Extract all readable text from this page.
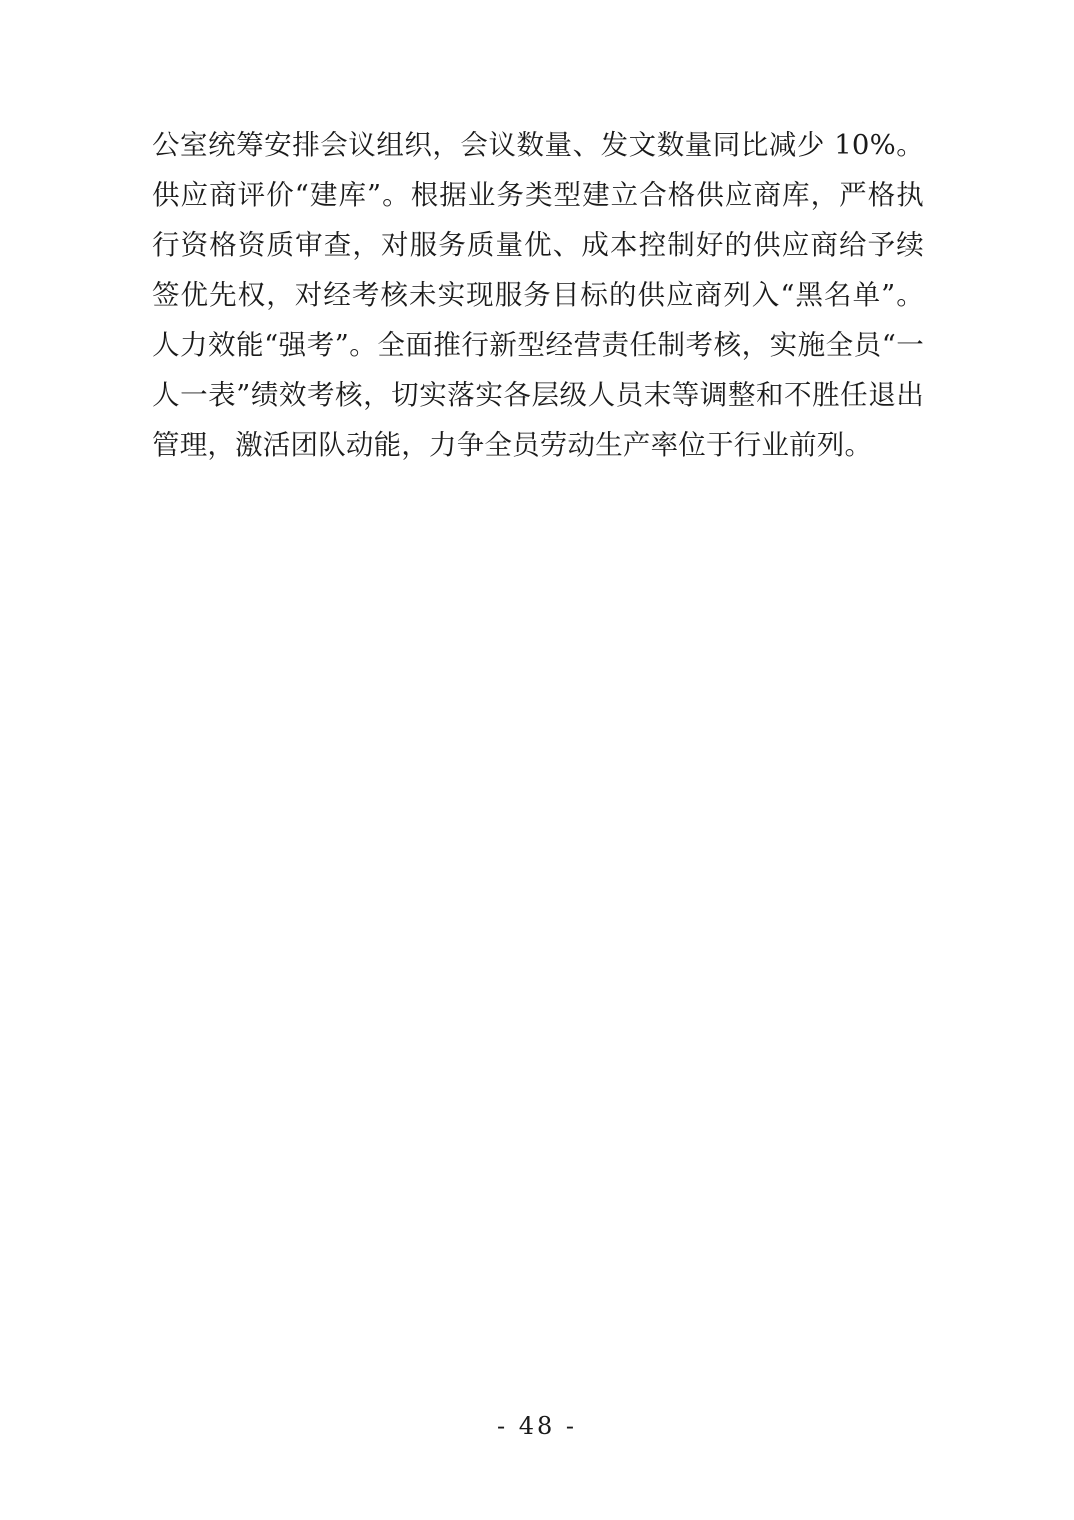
公室统筹安排会议组织，会议数量、发文数量同比减少 10%。供应商评价“建库”。根据业务类型建立合格供应商库，严格执行资格资质审查，对服务质量优、成本控制好的供应商给予续签优先权，对经考核未实现服务目标的供应商列入“黑名单”。人力效能“强考”。全面推行新型经营责任制考核，实施全员“一人一表”绩效考核，切实落实各层级人员末等调整和不胜任退出管理，激活团队动能，力争全员劳动生产率位于行业前列。
- 48 -
